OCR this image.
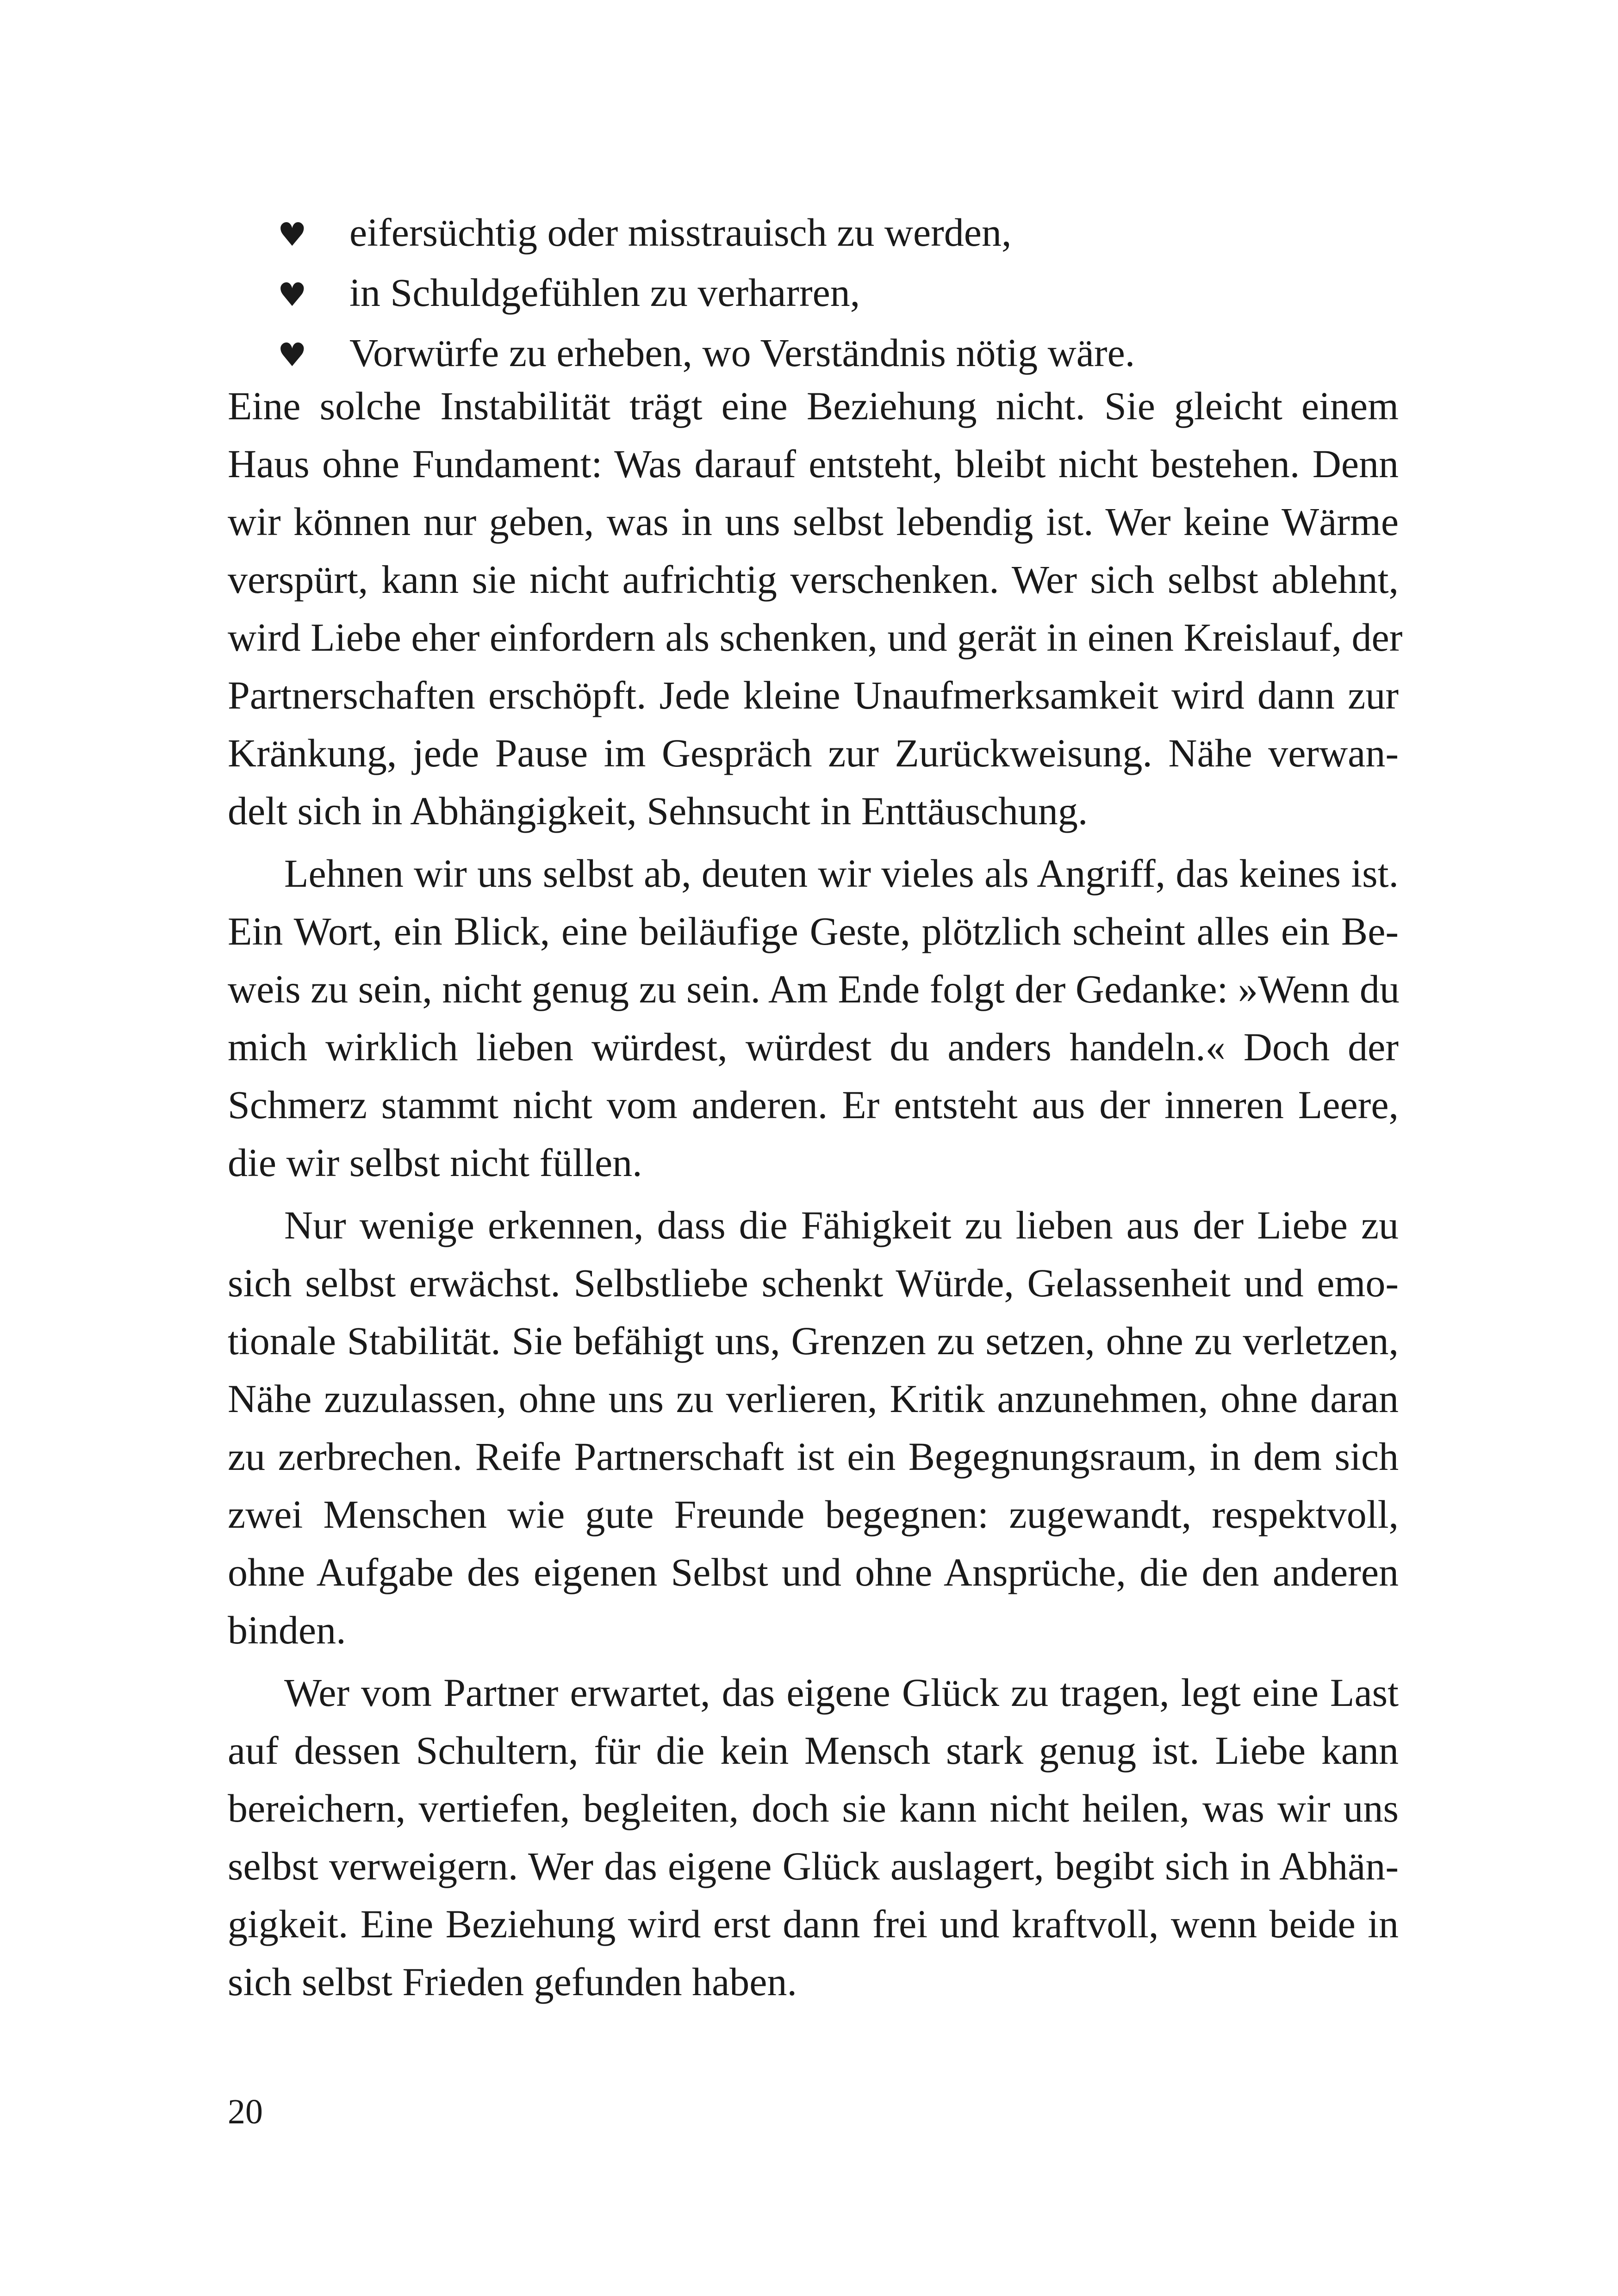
♥	eifersüchtig oder misstrauisch zu werden,
♥	in Schuldgefühlen zu verharren,
♥	Vorwürfe zu erheben, wo Verständnis nötig wäre.

Eine solche Instabilität trägt eine Beziehung nicht. Sie gleicht einem
Haus ohne Fundament: Was darauf entsteht, bleibt nicht bestehen. Denn
wir können nur geben, was in uns selbst lebendig ist. Wer keine Wärme
verspürt, kann sie nicht aufrichtig verschenken. Wer sich selbst ablehnt,
wird Liebe eher einfordern als schenken, und gerät in einen Kreislauf, der
Partnerschaften erschöpft. Jede kleine Unaufmerksamkeit wird dann zur
Kränkung, jede Pause im Gespräch zur Zurückweisung. Nähe verwan-
delt sich in Abhängigkeit, Sehnsucht in Enttäuschung.

Lehnen wir uns selbst ab, deuten wir vieles als Angriff, das keines ist.
Ein Wort, ein Blick, eine beiläufige Geste, plötzlich scheint alles ein Be-
weis zu sein, nicht genug zu sein. Am Ende folgt der Gedanke: »Wenn du
mich wirklich lieben würdest, würdest du anders handeln.« Doch der
Schmerz stammt nicht vom anderen. Er entsteht aus der inneren Leere,
die wir selbst nicht füllen.

Nur wenige erkennen, dass die Fähigkeit zu lieben aus der Liebe zu
sich selbst erwächst. Selbstliebe schenkt Würde, Gelassenheit und emo-
tionale Stabilität. Sie befähigt uns, Grenzen zu setzen, ohne zu verletzen,
Nähe zuzulassen, ohne uns zu verlieren, Kritik anzunehmen, ohne daran
zu zerbrechen. Reife Partnerschaft ist ein Begegnungsraum, in dem sich
zwei Menschen wie gute Freunde begegnen: zugewandt, respektvoll,
ohne Aufgabe des eigenen Selbst und ohne Ansprüche, die den anderen
binden.

Wer vom Partner erwartet, das eigene Glück zu tragen, legt eine Last
auf dessen Schultern, für die kein Mensch stark genug ist. Liebe kann
bereichern, vertiefen, begleiten, doch sie kann nicht heilen, was wir uns
selbst verweigern. Wer das eigene Glück auslagert, begibt sich in Abhän-
gigkeit. Eine Beziehung wird erst dann frei und kraftvoll, wenn beide in
sich selbst Frieden gefunden haben.

20
